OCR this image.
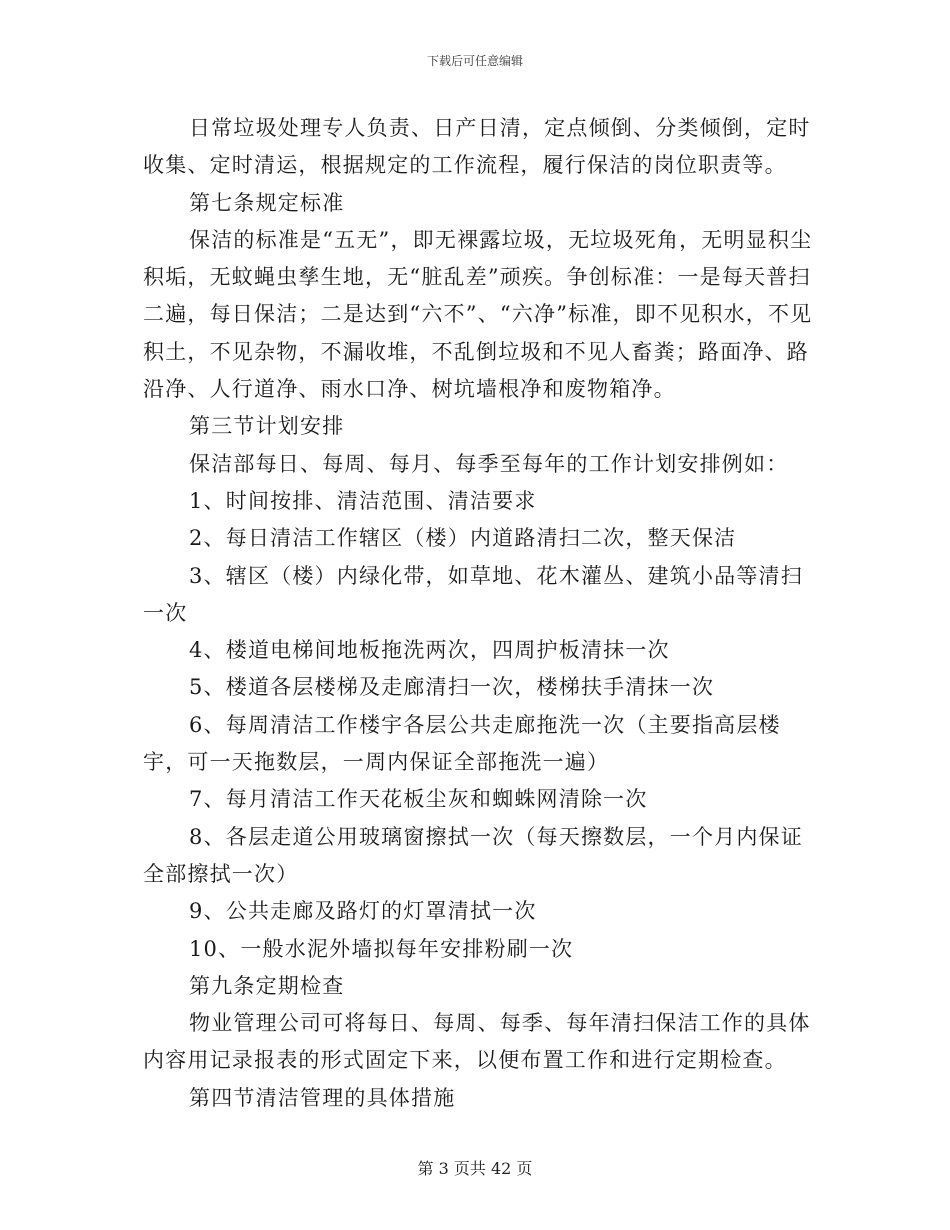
下载后可任意编辑

日常垃圾处理专人负责、日产日清，定点倾倒、分类倾倒，定时收集、定时清运，根据规定的工作流程，履行保洁的岗位职责等。

第七条规定标准

保洁的标准是“五无”，即无裸露垃圾，无垃圾死角，无明显积尘积垢，无蚊蝇虫孳生地，无“脏乱差”顽疾。争创标准：一是每天普扫二遍，每日保洁；二是达到“六不”、“六净”标准，即不见积水，不见积土，不见杂物，不漏收堆，不乱倒垃圾和不见人畜粪；路面净、路沿净、人行道净、雨水口净、树坑墙根净和废物箱净。

第三节计划安排

保洁部每日、每周、每月、每季至每年的工作计划安排例如：

1、时间按排、清洁范围、清洁要求

2、每日清洁工作辖区（楼）内道路清扫二次，整天保洁

3、辖区（楼）内绿化带，如草地、花木灌丛、建筑小品等清扫一次

4、楼道电梯间地板拖洗两次，四周护板清抹一次

5、楼道各层楼梯及走廊清扫一次，楼梯扶手清抹一次

6、每周清洁工作楼宇各层公共走廊拖洗一次（主要指高层楼宇，可一天拖数层，一周内保证全部拖洗一遍）

7、每月清洁工作天花板尘灰和蜘蛛网清除一次

8、各层走道公用玻璃窗擦拭一次（每天擦数层，一个月内保证全部擦拭一次）

9、公共走廊及路灯的灯罩清拭一次

10、一般水泥外墙拟每年安排粉刷一次

第九条定期检查

物业管理公司可将每日、每周、每季、每年清扫保洁工作的具体内容用记录报表的形式固定下来，以便布置工作和进行定期检查。

第四节清洁管理的具体措施

第 3 页共 42 页
